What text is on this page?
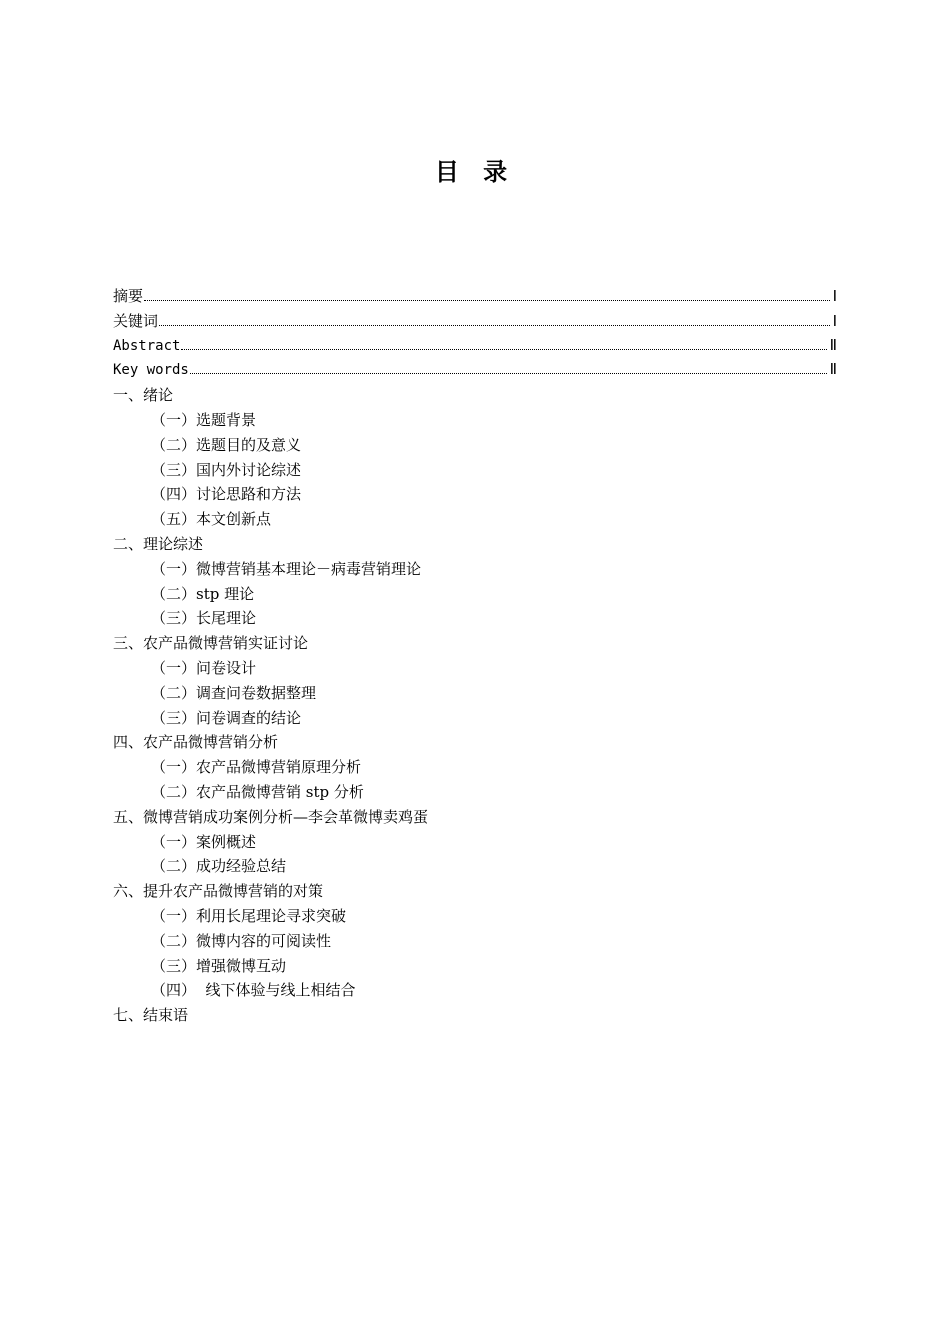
目 录
摘要	Ⅰ
关键词	Ⅰ
Abstract	Ⅱ
Key words	Ⅱ
一、绪论
（一）选题背景
（二）选题目的及意义
（三）国内外讨论综述
（四）讨论思路和方法
（五）本文创新点
二、理论综述
（一）微博营销基本理论－病毒营销理论
（二）stp 理论
（三）长尾理论
三、农产品微博营销实证讨论
（一）问卷设计
（二）调查问卷数据整理
（三）问卷调查的结论
四、农产品微博营销分析
（一）农产品微博营销原理分析
（二）农产品微博营销 stp 分析
五、微博营销成功案例分析—李会革微博卖鸡蛋
（一）案例概述
（二）成功经验总结
六、提升农产品微博营销的对策
（一）利用长尾理论寻求突破
（二）微博内容的可阅读性
（三）增强微博互动
（四）  线下体验与线上相结合
七、结束语
